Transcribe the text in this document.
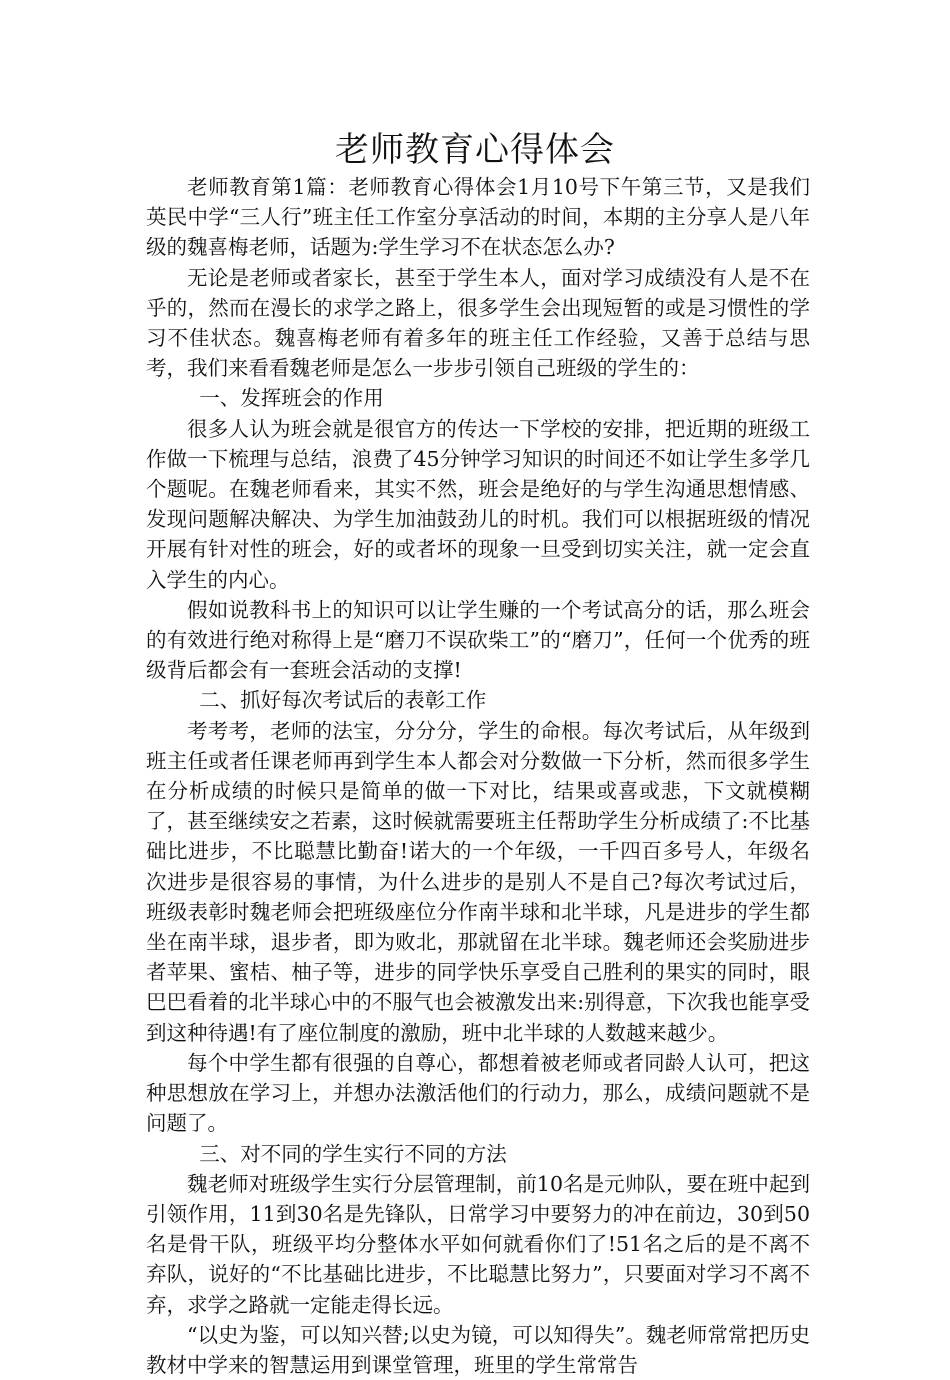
老师教育心得体会

老师教育第1篇：老师教育心得体会1月10号下午第三节，又是我们英民中学“三人行”班主任工作室分享活动的时间，本期的主分享人是八年级的魏喜梅老师，话题为:学生学习不在状态怎么办?

无论是老师或者家长，甚至于学生本人，面对学习成绩没有人是不在乎的，然而在漫长的求学之路上，很多学生会出现短暂的或是习惯性的学习不佳状态。魏喜梅老师有着多年的班主任工作经验，又善于总结与思考，我们来看看魏老师是怎么一步步引领自己班级的学生的：

一、发挥班会的作用

很多人认为班会就是很官方的传达一下学校的安排，把近期的班级工作做一下梳理与总结，浪费了45分钟学习知识的时间还不如让学生多学几个题呢。在魏老师看来，其实不然，班会是绝好的与学生沟通思想情感、发现问题解决解决、为学生加油鼓劲儿的时机。我们可以根据班级的情况开展有针对性的班会，好的或者坏的现象一旦受到切实关注，就一定会直入学生的内心。

假如说教科书上的知识可以让学生赚的一个考试高分的话，那么班会的有效进行绝对称得上是“磨刀不误砍柴工”的“磨刀”，任何一个优秀的班级背后都会有一套班会活动的支撑!

二、抓好每次考试后的表彰工作

考考考，老师的法宝，分分分，学生的命根。每次考试后，从年级到班主任或者任课老师再到学生本人都会对分数做一下分析，然而很多学生在分析成绩的时候只是简单的做一下对比，结果或喜或悲，下文就模糊了，甚至继续安之若素，这时候就需要班主任帮助学生分析成绩了:不比基础比进步，不比聪慧比勤奋!诺大的一个年级，一千四百多号人，年级名次进步是很容易的事情，为什么进步的是别人不是自己?每次考试过后，班级表彰时魏老师会把班级座位分作南半球和北半球，凡是进步的学生都坐在南半球，退步者，即为败北，那就留在北半球。魏老师还会奖励进步者苹果、蜜桔、柚子等，进步的同学快乐享受自己胜利的果实的同时，眼巴巴看着的北半球心中的不服气也会被激发出来:别得意，下次我也能享受到这种待遇!有了座位制度的激励，班中北半球的人数越来越少。

每个中学生都有很强的自尊心，都想着被老师或者同龄人认可，把这种思想放在学习上，并想办法激活他们的行动力，那么，成绩问题就不是问题了。

三、对不同的学生实行不同的方法

魏老师对班级学生实行分层管理制，前10名是元帅队，要在班中起到引领作用，11到30名是先锋队，日常学习中要努力的冲在前边，30到50名是骨干队，班级平均分整体水平如何就看你们了!51名之后的是不离不弃队，说好的“不比基础比进步，不比聪慧比努力”，只要面对学习不离不弃，求学之路就一定能走得长远。

“以史为鉴，可以知兴替;以史为镜，可以知得失”。魏老师常常把历史教材中学来的智慧运用到课堂管理，班里的学生常常告
